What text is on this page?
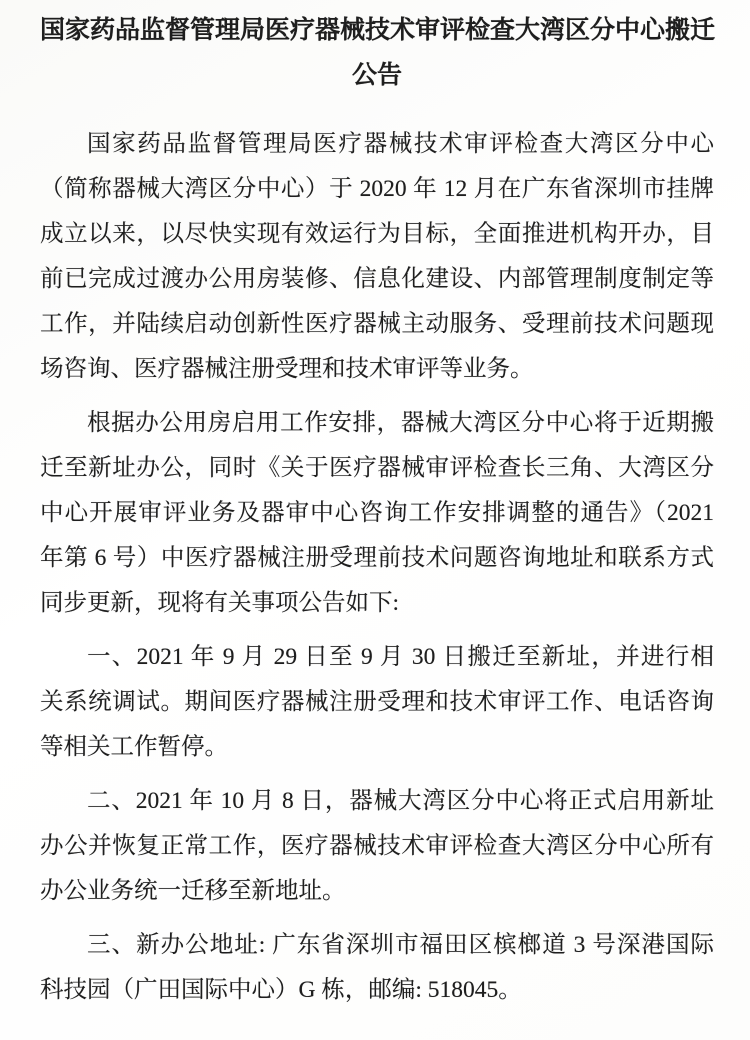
国家药品监督管理局医疗器械技术审评检查大湾区分中心搬迁
公告
国家药品监督管理局医疗器械技术审评检查大湾区分中心
（简称器械大湾区分中心）于 2020 年 12 月在广东省深圳市挂牌
成立以来，以尽快实现有效运行为目标，全面推进机构开办，目
前已完成过渡办公用房装修、信息化建设、内部管理制度制定等
工作，并陆续启动创新性医疗器械主动服务、受理前技术问题现
场咨询、医疗器械注册受理和技术审评等业务。
根据办公用房启用工作安排，器械大湾区分中心将于近期搬
迁至新址办公，同时《关于医疗器械审评检查长三角、大湾区分
中心开展审评业务及器审中心咨询工作安排调整的通告》（2021
年第 6 号）中医疗器械注册受理前技术问题咨询地址和联系方式
同步更新，现将有关事项公告如下:
一、2021 年 9 月 29 日至 9 月 30 日搬迁至新址，并进行相
关系统调试。期间医疗器械注册受理和技术审评工作、电话咨询
等相关工作暂停。
二、2021 年 10 月 8 日，器械大湾区分中心将正式启用新址
办公并恢复正常工作，医疗器械技术审评检查大湾区分中心所有
办公业务统一迁移至新地址。
三、新办公地址: 广东省深圳市福田区槟榔道 3 号深港国际
科技园（广田国际中心）G 栋，邮编: 518045。
